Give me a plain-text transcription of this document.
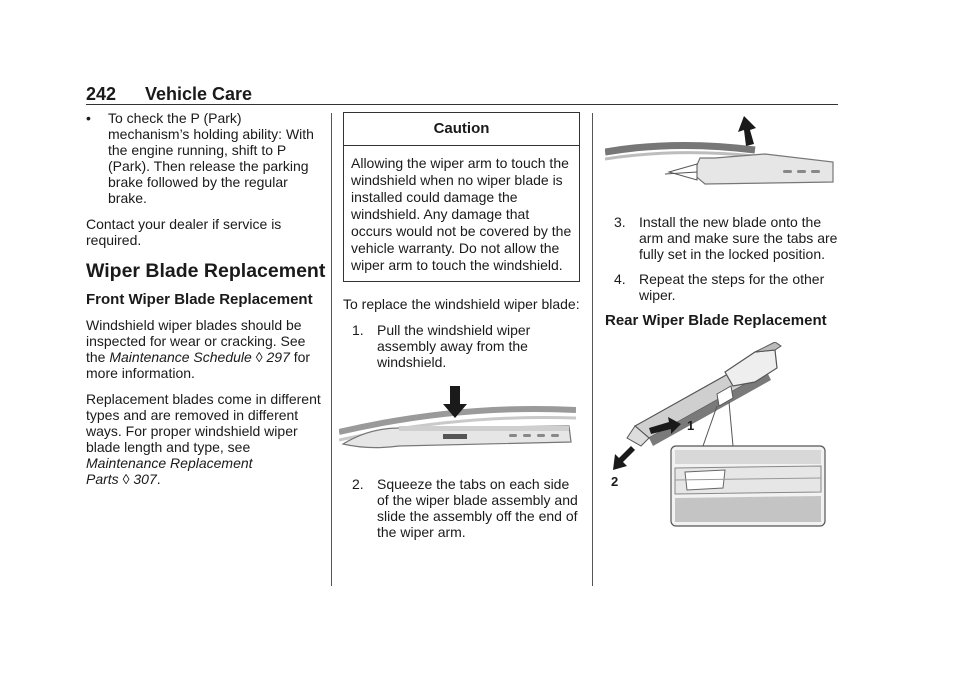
242 Vehicle Care
• To check the P (Park) mechanism’s holding ability: With the engine running, shift to P (Park). Then release the parking brake followed by the regular brake.

Contact your dealer if service is required.

Wiper Blade Replacement
Front Wiper Blade Replacement

Windshield wiper blades should be inspected for wear or cracking. See the Maintenance Schedule ◊ 297 for more information.

Replacement blades come in different types and are removed in different ways. For proper windshield wiper blade length and type, see Maintenance Replacement Parts ◊ 307.

Caution
Allowing the wiper arm to touch the windshield when no wiper blade is installed could damage the windshield. Any damage that occurs would not be covered by the vehicle warranty. Do not allow the wiper arm to touch the windshield.

To replace the windshield wiper blade:

1. Pull the windshield wiper assembly away from the windshield.
2. Squeeze the tabs on each side of the wiper blade assembly and slide the assembly off the end of the wiper arm.
3. Install the new blade onto the arm and make sure the tabs are fully set in the locked position.
4. Repeat the steps for the other wiper.
Rear Wiper Blade Replacement
1
2
